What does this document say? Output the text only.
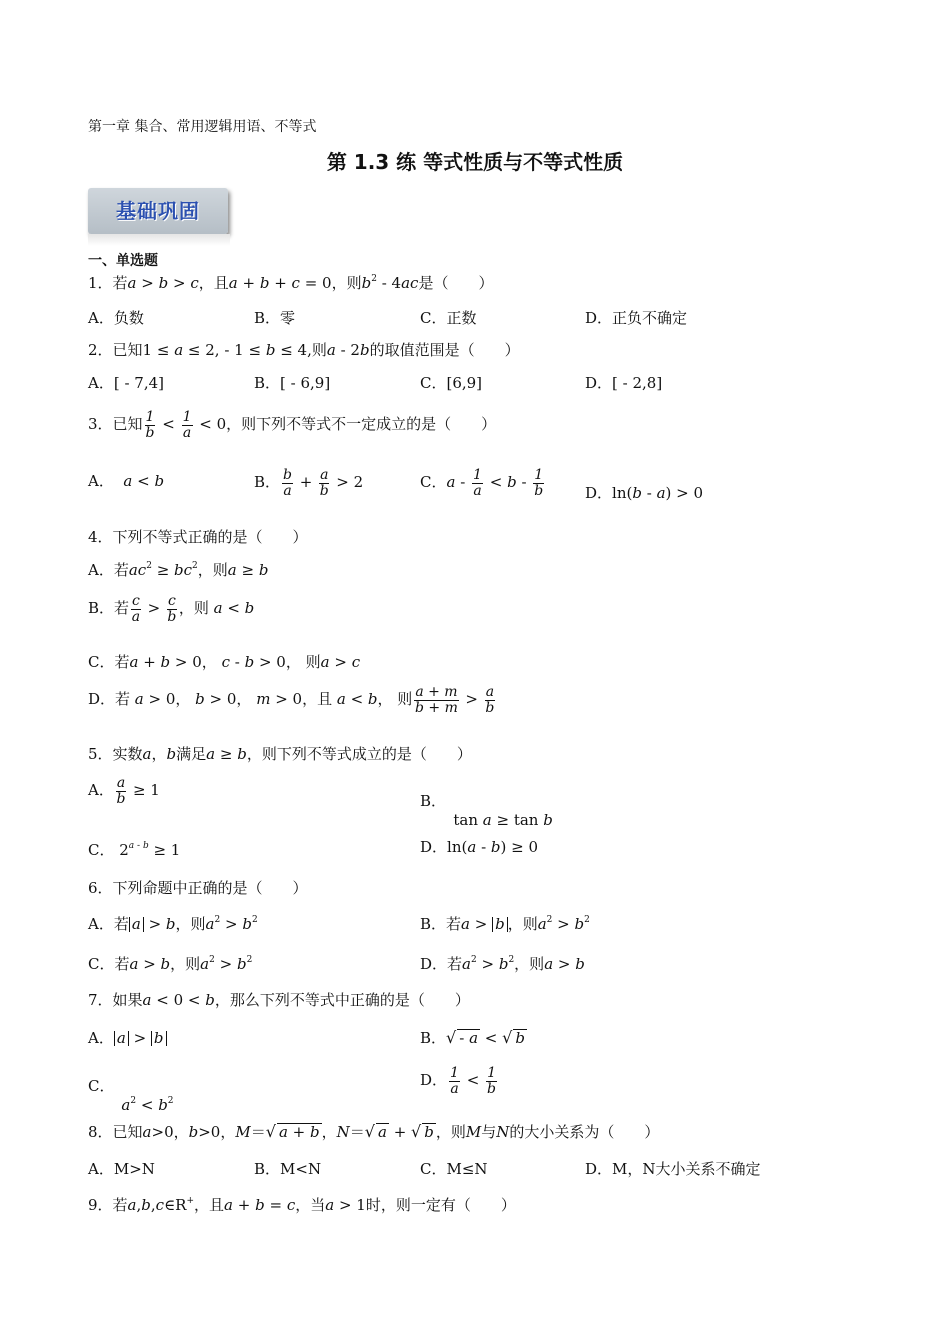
第一章 集合、常用逻辑用语、不等式
第 1.3 练 等式性质与不等式性质
基础巩固
一、单选题
1．若a > b > c，且a + b + c = 0，则$b^2 - 4ac$是（　　）
A．负数	B．零	C．正数	D．正负不确定
2．已知1 ≤ a ≤ 2, - 1 ≤ b ≤ 4,则a - 2b的取值范围是（　　）
A．[ - 7,4]	B．[ - 6,9]	C．[6,9]	D．[ - 2,8]
3．已知 $\frac{1}{b} < \frac{1}{a} < 0$，则下列不等式不一定成立的是（　　）
A．  a < b	B． $\frac{b}{a} + \frac{a}{b} > 2$	C．$a - \frac{1}{a} < b - \frac{1}{b}$	D．ln(b - a) > 0
4．下列不等式正确的是（　　）
A．若$ac^2 \ge bc^2$，则a ≥ b
B．若 $\frac{c}{a} > \frac{c}{b}$ ，则 a < b
C．若a + b > 0， c - b > 0， 则a > c
D．若 a > 0， b > 0， m > 0，且 a < b， 则 $\frac{a + m}{b + m} > \frac{a}{b}$
5．实数a，b满足a ≥ b，则下列不等式成立的是（　　）
A． $\frac{a}{b} \ge 1$
B．
tan a ≥ tan b
C． $2^{a - b} \ge 1$	D．ln(a - b) ≥ 0
6．下列命题中正确的是（　　）
A．若 a > b，则$a^2 > b^2$	B．若a > b ，则$a^2 > b^2$
C．若a > b，则$a^2 > b^2$	D．若$a^2 > b^2$，则a > b
7．如果a < 0 < b，那么下列不等式中正确的是（　　）
A． a > b	B．√ - a < √ b
C．
$a^2 < b^2$
D． $\frac{1}{a} < \frac{1}{b}$
8．已知a>0，b>0，M＝√ a + b ，N＝√ a + √ b ，则M与N的大小关系为（　　）
A．M>N	B．M<N	C．M≤N	D．M，N大小关系不确定
9．若a,b,c∈R+，且a + b = c，当a > 1时，则一定有（　　）
